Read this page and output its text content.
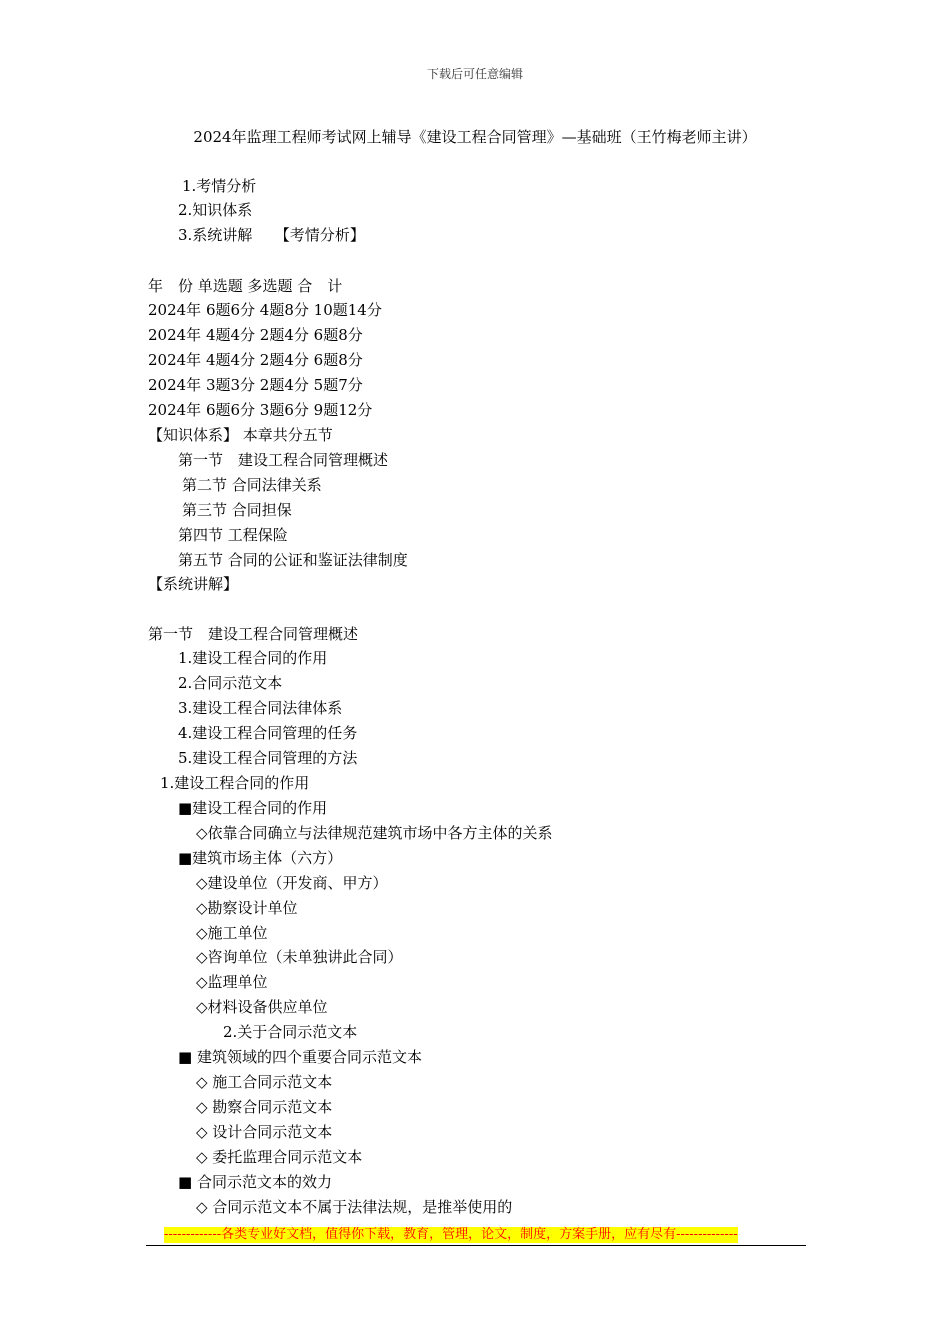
下载后可任意编辑
2024年监理工程师考试网上辅导《建设工程合同管理》—基础班（王竹梅老师主讲）
1.考情分析
2.知识体系
3.系统讲解　　【考情分析】
年　份 单选题 多选题 合　计
2024年 6题6分 4题8分 10题14分
2024年 4题4分 2题4分 6题8分
2024年 4题4分 2题4分 6题8分
2024年 3题3分 2题4分 5题7分
2024年 6题6分 3题6分 9题12分
【知识体系】 本章共分五节
第一节　建设工程合同管理概述
第二节 合同法律关系
第三节 合同担保
第四节 工程保险
第五节 合同的公证和鉴证法律制度
【系统讲解】
第一节　建设工程合同管理概述
1.建设工程合同的作用
2.合同示范文本
3.建设工程合同法律体系
4.建设工程合同管理的任务
5.建设工程合同管理的方法
1.建设工程合同的作用
■建设工程合同的作用
◇依靠合同确立与法律规范建筑市场中各方主体的关系
■建筑市场主体（六方）
◇建设单位（开发商、甲方）
◇勘察设计单位
◇施工单位
◇咨询单位（未单独讲此合同）
◇监理单位
◇材料设备供应单位
2.关于合同示范文本
■ 建筑领域的四个重要合同示范文本
◇ 施工合同示范文本
◇ 勘察合同示范文本
◇ 设计合同示范文本
◇ 委托监理合同示范文本
■ 合同示范文本的效力
◇ 合同示范文本不属于法律法规，是推举使用的
-------------各类专业好文档，值得你下载，教育，管理，论文，制度，方案手册，应有尽有--------------
